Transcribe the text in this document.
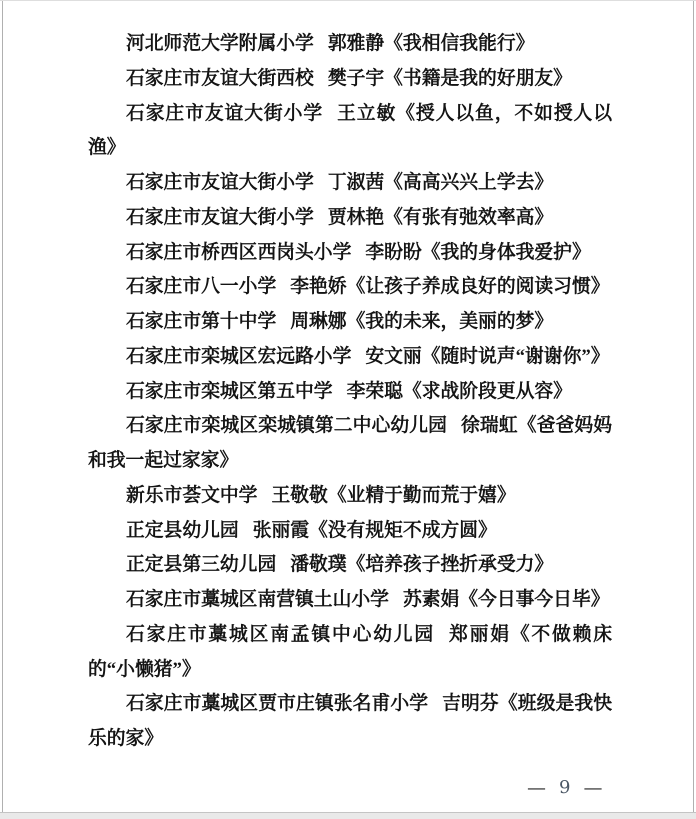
河北师范大学附属小学 郭雅静《我相信我能行》

石家庄市友谊大街西校 樊子宇《书籍是我的好朋友》

石家庄市友谊大街小学 王立敏《授人以鱼，不如授人以渔》

石家庄市友谊大街小学 丁淑茜《高高兴兴上学去》

石家庄市友谊大街小学 贾林艳《有张有弛效率高》

石家庄市桥西区西岗头小学 李盼盼《我的身体我爱护》

石家庄市八一小学 李艳娇《让孩子养成良好的阅读习惯》

石家庄市第十中学 周琳娜《我的未来，美丽的梦》

石家庄市栾城区宏远路小学 安文丽《随时说声“谢谢你”》

石家庄市栾城区第五中学 李荣聪《求战阶段更从容》

石家庄市栾城区栾城镇第二中心幼儿园 徐瑞虹《爸爸妈妈和我一起过家家》

新乐市荟文中学 王敬敬《业精于勤而荒于嬉》

正定县幼儿园 张丽霞《没有规矩不成方圆》

正定县第三幼儿园 潘敬璞《培养孩子挫折承受力》

石家庄市藁城区南营镇土山小学 苏素娟《今日事今日毕》

石家庄市藁城区南孟镇中心幼儿园 郑丽娟《不做赖床的“小懒猪”》

石家庄市藁城区贾市庄镇张名甫小学 吉明芬《班级是我快乐的家》

— 9 —
